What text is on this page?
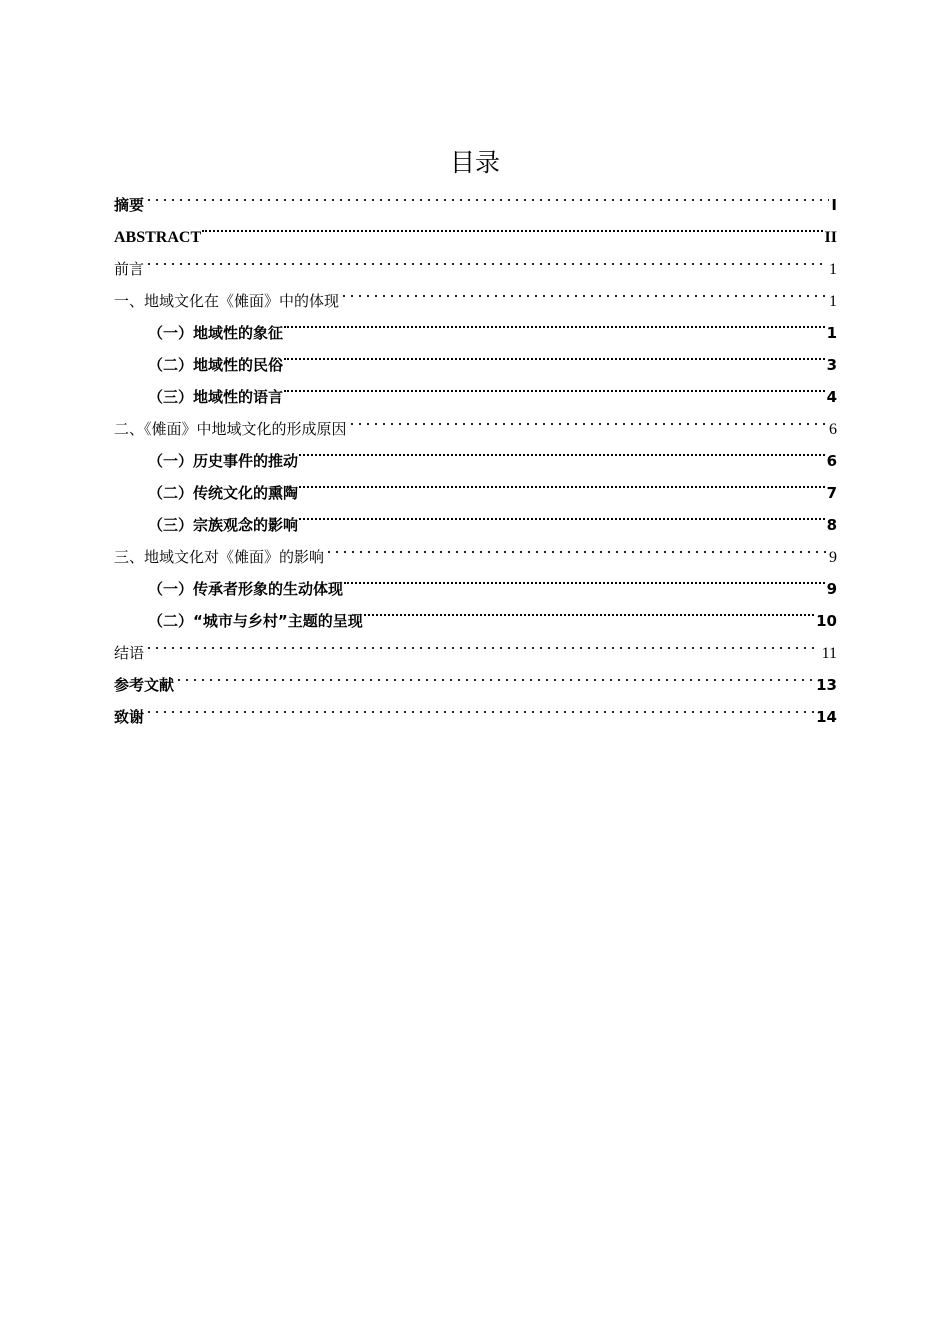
目录
摘要	I
ABSTRACT	II
前言	1
一、地域文化在《傩面》中的体现	1
（一）地域性的象征	1
（二）地域性的民俗	3
（三）地域性的语言	4
二、《傩面》中地域文化的形成原因	6
（一）历史事件的推动	6
（二）传统文化的熏陶	7
（三）宗族观念的影响	8
三、地域文化对《傩面》的影响	9
（一）传承者形象的生动体现	9
（二）“城市与乡村”主题的呈现	10
结语	11
参考文献	13
致谢	14
